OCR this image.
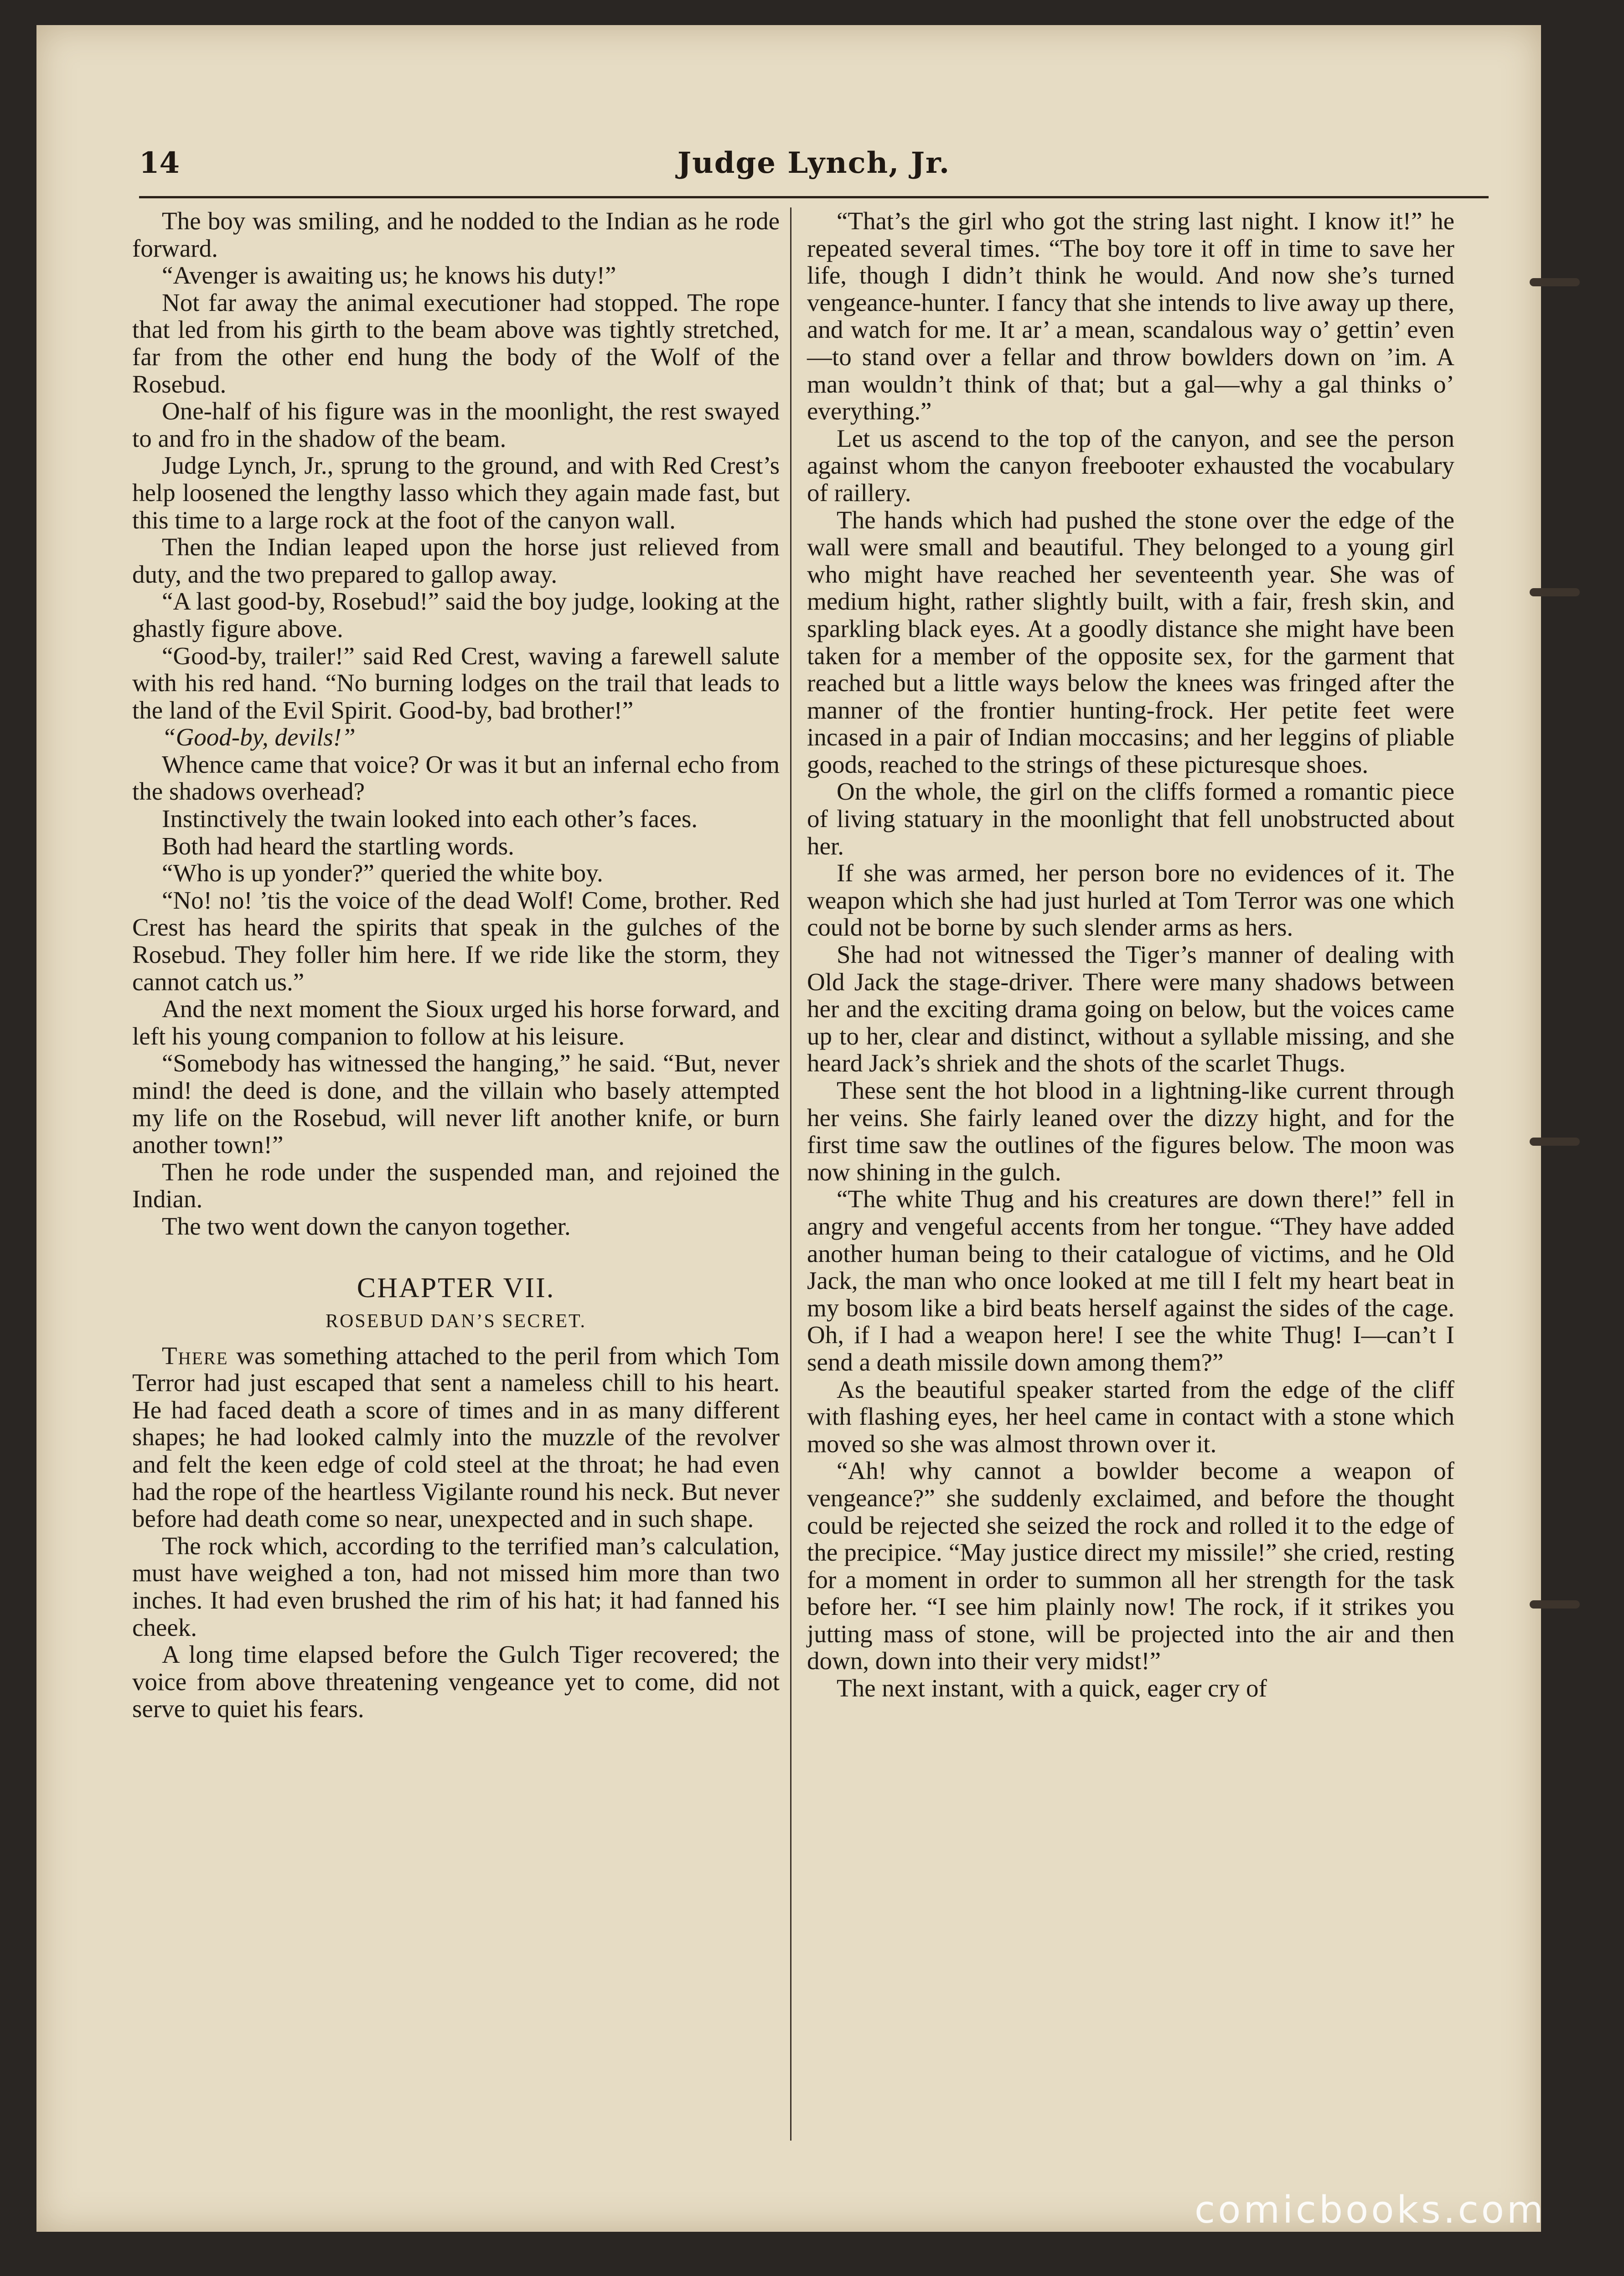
14	Judge Lynch, Jr.

The boy was smiling, and he nodded to the Indian as he rode forward.

“Avenger is awaiting us; he knows his duty!”

Not far away the animal executioner had stopped. The rope that led from his girth to the beam above was tightly stretched, far from the other end hung the body of the Wolf of the Rosebud.

One-half of his figure was in the moonlight, the rest swayed to and fro in the shadow of the beam.

Judge Lynch, Jr., sprung to the ground, and with Red Crest’s help loosened the lengthy lasso which they again made fast, but this time to a large rock at the foot of the canyon wall.

Then the Indian leaped upon the horse just relieved from duty, and the two prepared to gallop away.

“A last good-by, Rosebud!” said the boy judge, looking at the ghastly figure above.

“Good-by, trailer!” said Red Crest, waving a farewell salute with his red hand. “No burning lodges on the trail that leads to the land of the Evil Spirit. Good-by, bad brother!”

“Good-by, devils!”

Whence came that voice? Or was it but an infernal echo from the shadows overhead?

Instinctively the twain looked into each other’s faces.

Both had heard the startling words.

“Who is up yonder?” queried the white boy.

“No! no! ’tis the voice of the dead Wolf! Come, brother. Red Crest has heard the spirits that speak in the gulches of the Rosebud. They foller him here. If we ride like the storm, they cannot catch us.”

And the next moment the Sioux urged his horse forward, and left his young companion to follow at his leisure.

“Somebody has witnessed the hanging,” he said. “But, never mind! the deed is done, and the villain who basely attempted my life on the Rosebud, will never lift another knife, or burn another town!”

Then he rode under the suspended man, and rejoined the Indian.

The two went down the canyon together.

CHAPTER VII.
ROSEBUD DAN’S SECRET.

There was something attached to the peril from which Tom Terror had just escaped that sent a nameless chill to his heart. He had faced death a score of times and in as many different shapes; he had looked calmly into the muzzle of the revolver and felt the keen edge of cold steel at the throat; he had even had the rope of the heartless Vigilante round his neck. But never before had death come so near, unexpected and in such shape.

The rock which, according to the terrified man’s calculation, must have weighed a ton, had not missed him more than two inches. It had even brushed the rim of his hat; it had fanned his cheek.

A long time elapsed before the Gulch Tiger recovered; the voice from above threatening vengeance yet to come, did not serve to quiet his fears.

“That’s the girl who got the string last night. I know it!” he repeated several times. “The boy tore it off in time to save her life, though I didn’t think he would. And now she’s turned vengeance-hunter. I fancy that she intends to live away up there, and watch for me. It ar’ a mean, scandalous way o’ gettin’ even—to stand over a fellar and throw bowlders down on ’im. A man wouldn’t think of that; but a gal—why a gal thinks o’ everything.”

Let us ascend to the top of the canyon, and see the person against whom the canyon freebooter exhausted the vocabulary of raillery.

The hands which had pushed the stone over the edge of the wall were small and beautiful. They belonged to a young girl who might have reached her seventeenth year. She was of medium hight, rather slightly built, with a fair, fresh skin, and sparkling black eyes. At a goodly distance she might have been taken for a member of the opposite sex, for the garment that reached but a little ways below the knees was fringed after the manner of the frontier hunting-frock. Her petite feet were incased in a pair of Indian moccasins; and her leggins of pliable goods, reached to the strings of these picturesque shoes.

On the whole, the girl on the cliffs formed a romantic piece of living statuary in the moonlight that fell unobstructed about her.

If she was armed, her person bore no evidences of it. The weapon which she had just hurled at Tom Terror was one which could not be borne by such slender arms as hers.

She had not witnessed the Tiger’s manner of dealing with Old Jack the stage-driver. There were many shadows between her and the exciting drama going on below, but the voices came up to her, clear and distinct, without a syllable missing, and she heard Jack’s shriek and the shots of the scarlet Thugs.

These sent the hot blood in a lightning-like current through her veins. She fairly leaned over the dizzy hight, and for the first time saw the outlines of the figures below. The moon was now shining in the gulch.

“The white Thug and his creatures are down there!” fell in angry and vengeful accents from her tongue. “They have added another human being to their catalogue of victims, and he Old Jack, the man who once looked at me till I felt my heart beat in my bosom like a bird beats herself against the sides of the cage. Oh, if I had a weapon here! I see the white Thug! I—can’t I send a death missile down among them?”

As the beautiful speaker started from the edge of the cliff with flashing eyes, her heel came in contact with a stone which moved so she was almost thrown over it.

“Ah! why cannot a bowlder become a weapon of vengeance?” she suddenly exclaimed, and before the thought could be rejected she seized the rock and rolled it to the edge of the precipice. “May justice direct my missile!” she cried, resting for a moment in order to summon all her strength for the task before her. “I see him plainly now! The rock, if it strikes you jutting mass of stone, will be projected into the air and then down, down into their very midst!”

The next instant, with a quick, eager cry of

comicbooks.com
